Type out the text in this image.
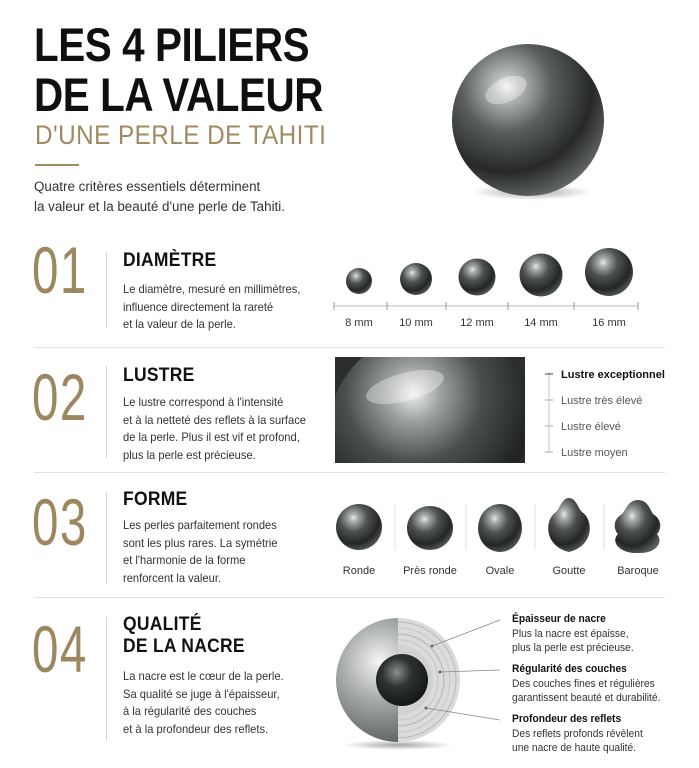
LES 4 PILIERS
DE LA VALEUR
D'UNE PERLE DE TAHITI
Quatre critères essentiels déterminent
la valeur et la beauté d'une perle de Tahiti.
01 DIAMÈTRE
Le diamètre, mesuré en millimètres,
influence directement la rareté
et la valeur de la perle.	8 mm 10 mm 12 mm	14 mm	16 mm
02 LUSTRE
Le lustre correspond à l'intensité
et à la netteté des reflets à la surface
de la perle. Plus il est vif et profond,
plus la perle est précieuse.
Lustre exceptionnel
Lustre très élevé
Lustre élevé
Lustre moyen
03 FORME
Les perles parfaitement rondes
sont les plus rares. La symétrie
et l'harmonie de la forme
renforcent la valeur.	Ronde	Près ronde	Ovale	Goutte	Baroque
04 QUALITÉ
DE LA NACRE
La nacre est le cœur de la perle.
Sa qualité se juge à l'épaisseur,
à la régularité des couches
et à la profondeur des reflets.
Épaisseur de nacre
Plus la nacre est épaisse,
plus la perle est précieuse.
Régularité des couches
Des couches fines et régulières
garantissent beauté et durabilité.
Profondeur des reflets
Des reflets profonds révèlent
une nacre de haute qualité.
